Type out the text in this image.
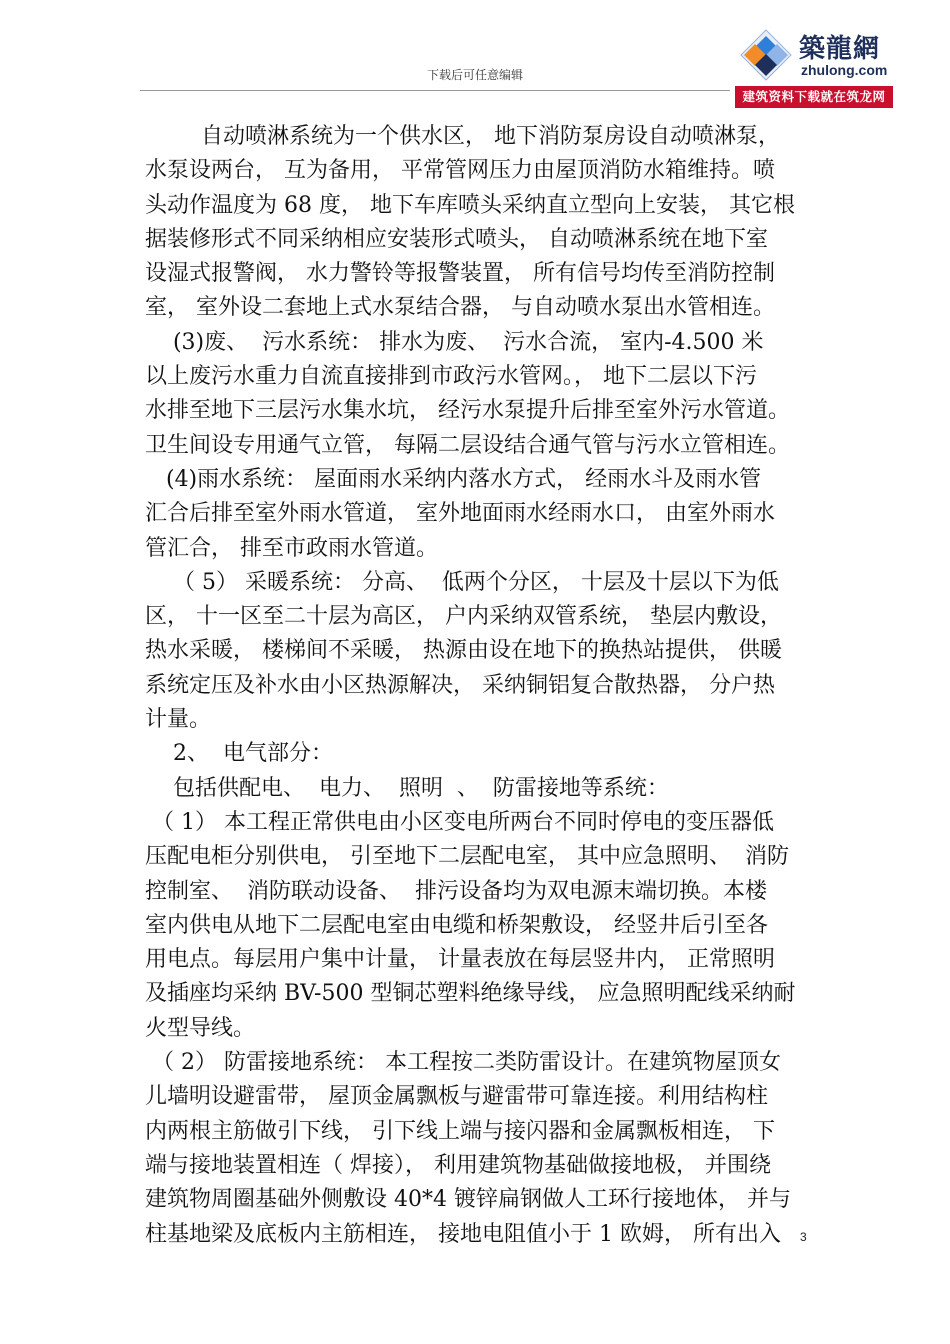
下载后可任意编辑
築龍網
zhulong.com
建筑资料下载就在筑龙网
自动喷淋系统为一个供水区， 地下消防泵房设自动喷淋泵，
水泵设两台， 互为备用， 平常管网压力由屋顶消防水箱维持。喷
头动作温度为 68 度， 地下车库喷头采纳直立型向上安装， 其它根
据装修形式不同采纳相应安装形式喷头， 自动喷淋系统在地下室
设湿式报警阀， 水力警铃等报警装置， 所有信号均传至消防控制
室， 室外设二套地上式水泵结合器， 与自动喷水泵出水管相连。
(3)废、  污水系统： 排水为废、  污水合流， 室内-4.500 米
以上废污水重力自流直接排到市政污水管网。， 地下二层以下污
水排至地下三层污水集水坑， 经污水泵提升后排至室外污水管道。
卫生间设专用通气立管， 每隔二层设结合通气管与污水立管相连。
(4)雨水系统： 屋面雨水采纳内落水方式， 经雨水斗及雨水管
汇合后排至室外雨水管道， 室外地面雨水经雨水口， 由室外雨水
管汇合， 排至市政雨水管道。
（ 5） 采暖系统： 分高、  低两个分区， 十层及十层以下为低
区， 十一区至二十层为高区， 户内采纳双管系统， 垫层内敷设，
热水采暖， 楼梯间不采暖， 热源由设在地下的换热站提供， 供暖
系统定压及补水由小区热源解决， 采纳铜铝复合散热器， 分户热
计量。
2、  电气部分：
包括供配电、  电力、  照明  、  防雷接地等系统：
（ 1） 本工程正常供电由小区变电所两台不同时停电的变压器低
压配电柜分别供电， 引至地下二层配电室， 其中应急照明、  消防
控制室、  消防联动设备、  排污设备均为双电源末端切换。本楼
室内供电从地下二层配电室由电缆和桥架敷设， 经竖井后引至各
用电点。每层用户集中计量， 计量表放在每层竖井内， 正常照明
及插座均采纳 BV-500 型铜芯塑料绝缘导线， 应急照明配线采纳耐
火型导线。
（ 2） 防雷接地系统： 本工程按二类防雷设计。在建筑物屋顶女
儿墙明设避雷带， 屋顶金属飘板与避雷带可靠连接。利用结构柱
内两根主筋做引下线， 引下线上端与接闪器和金属飘板相连， 下
端与接地装置相连（ 焊接）， 利用建筑物基础做接地极， 并围绕
建筑物周圈基础外侧敷设 40*4 镀锌扁钢做人工环行接地体， 并与
柱基地梁及底板内主筋相连， 接地电阻值小于 1 欧姆， 所有出入	3
